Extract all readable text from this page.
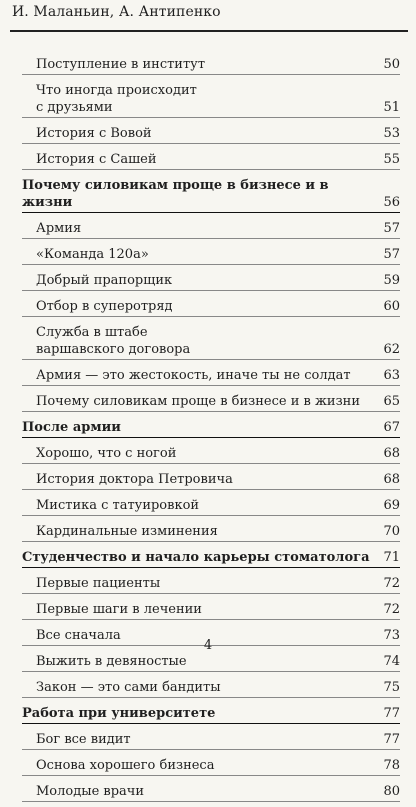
И. Маланьин, А. Антипенко
Поступление в институт	50
Что иногда происходит
с друзьями	51
История с Вовой	53
История с Сашей	55
Почему силовикам проще в бизнесе и в жизни	56
Армия	57
«Команда 120а»	57
Добрый прапорщик	59
Отбор в суперотряд	60
Служба в штабе
варшавского договора	62
Армия — это жестокость, иначе ты не солдат	63
Почему силовикам проще в бизнесе и в жизни	65
После армии	67
Хорошо, что с ногой	68
История доктора Петровича	68
Мистика с татуировкой	69
Кардинальные изминения	70
Студенчество и начало карьеры стоматолога	71
Первые пациенты	72
Первые шаги в лечении	72
Все сначала	73
Выжить в девяностые	74
Закон — это сами бандиты	75
Работа при университете	77
Бог все видит	77
Основа хорошего бизнеса	78
Молодые врачи	80
4
